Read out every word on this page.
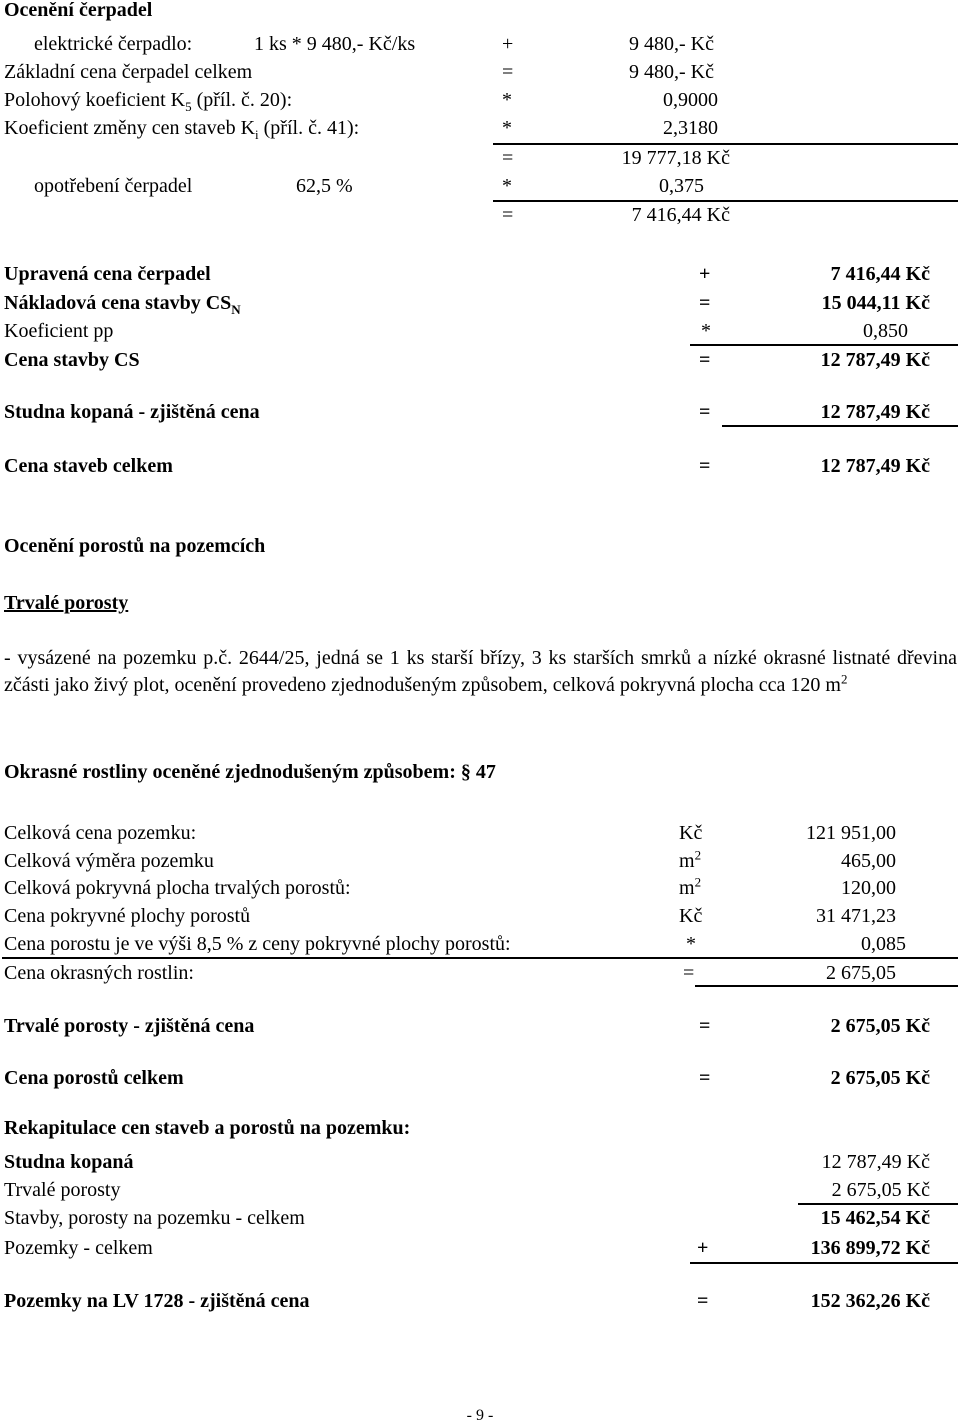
Ocenění čerpadel
elektrické čerpadlo:	1 ks * 9 480,- Kč/ks	+	9 480,- Kč
Základní cena čerpadel celkem	=	9 480,- Kč
Polohový koeficient $K_5$ (příl. č. 20):	*	0,9000
Koeficient změny cen staveb $K_i$ (příl. č. 41):	*	2,3180
=	19 777,18 Kč
opotřebení čerpadel	62,5 %	*	0,375
=	7 416,44 Kč
Upravená cena čerpadel	+	7 416,44 Kč
Nákladová cena stavby $CS_N$	=	15 044,11 Kč
Koeficient pp	*	0,850
Cena stavby CS	=	12 787,49 Kč
Studna kopaná - zjištěná cena	=	12 787,49 Kč
Cena staveb celkem	=	12 787,49 Kč
Ocenění porostů na pozemcích
Trvalé porosty
- vysázené na pozemku p.č. 2644/25, jedná se 1 ks starší břízy, 3 ks starších smrků a nízké okrasné listnaté dřevina zčásti jako živý plot, ocenění provedeno zjednodušeným způsobem, celková pokryvná plocha cca 120 $m^2$
Okrasné rostliny oceněné zjednodušeným způsobem: § 47
Celková cena pozemku:	Kč	121 951,00
Celková výměra pozemku	$m^2$	465,00
Celková pokryvná plocha trvalých porostů:	$m^2$	120,00
Cena pokryvné plochy porostů	Kč	31 471,23
Cena porostu je ve výši 8,5 % z ceny pokryvné plochy porostů:	*	0,085
Cena okrasných rostlin:	=	2 675,05
Trvalé porosty - zjištěná cena	=	2 675,05 Kč
Cena porostů celkem	=	2 675,05 Kč
Rekapitulace cen staveb a porostů na pozemku:
Studna kopaná	12 787,49 Kč
Trvalé porosty	2 675,05 Kč
Stavby, porosty na pozemku - celkem	15 462,54 Kč
Pozemky - celkem	+	136 899,72 Kč
Pozemky na LV 1728 - zjištěná cena	=	152 362,26 Kč
- 9 -
